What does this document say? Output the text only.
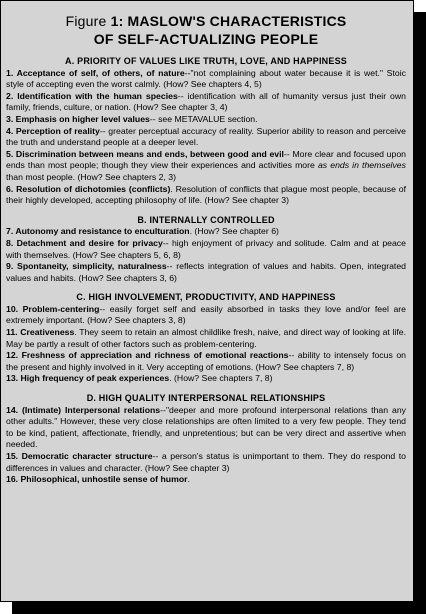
Figure 1: MASLOW'S CHARACTERISTICS
OF SELF-ACTUALIZING PEOPLE
A. PRIORITY OF VALUES LIKE TRUTH, LOVE, AND HAPPINESS

1. Acceptance of self, of others, of nature--"not complaining about water because it is wet." Stoic style of accepting even the worst calmly. (How? See chapters 4, 5)

2. Identification with the human species-- identification with all of humanity versus just their own family, friends, culture, or nation. (How? See chapter 3, 4)

3. Emphasis on higher level values-- see METAVALUE section.

4. Perception of reality-- greater perceptual accuracy of reality. Superior ability to reason and perceive the truth and understand people at a deeper level.

5. Discrimination between means and ends, between good and evil-- More clear and focused upon ends than most people; though they view their experiences and activities more as ends in themselves than most people. (How? See chapters 2, 3)

6. Resolution of dichotomies (conflicts). Resolution of conflicts that plague most people, because of their highly developed, accepting philosophy of life. (How? See chapter 3)

B. INTERNALLY CONTROLLED

7. Autonomy and resistance to enculturation. (How? See chapter 6)

8. Detachment and desire for privacy-- high enjoyment of privacy and solitude. Calm and at peace with themselves. (How? See chapters 5, 6, 8)

9. Spontaneity, simplicity, naturalness-- reflects integration of values and habits. Open, integrated values and habits. (How? See chapters 3, 6)

C. HIGH INVOLVEMENT, PRODUCTIVITY, AND HAPPINESS

10. Problem-centering-- easily forget self and easily absorbed in tasks they love and/or feel are extremely important. (How? See chapters 3, 8)

11. Creativeness. They seem to retain an almost childlike fresh, naive, and direct way of looking at life. May be partly a result of other factors such as problem-centering.

12. Freshness of appreciation and richness of emotional reactions-- ability to intensely focus on the present and highly involved in it. Very accepting of emotions. (How? See chapters 7, 8)

13. High frequency of peak experiences. (How? See chapters 7, 8)

D. HIGH QUALITY INTERPERSONAL RELATIONSHIPS

14. (Intimate) Interpersonal relations--"deeper and more profound interpersonal relations than any other adults." However, these very close relationships are often limited to a very few people. They tend to be kind, patient, affectionate, friendly, and unpretentious; but can be very direct and assertive when needed.

15. Democratic character structure-- a person's status is unimportant to them. They do respond to differences in values and character. (How? See chapter 3)

16. Philosophical, unhostile sense of humor.
